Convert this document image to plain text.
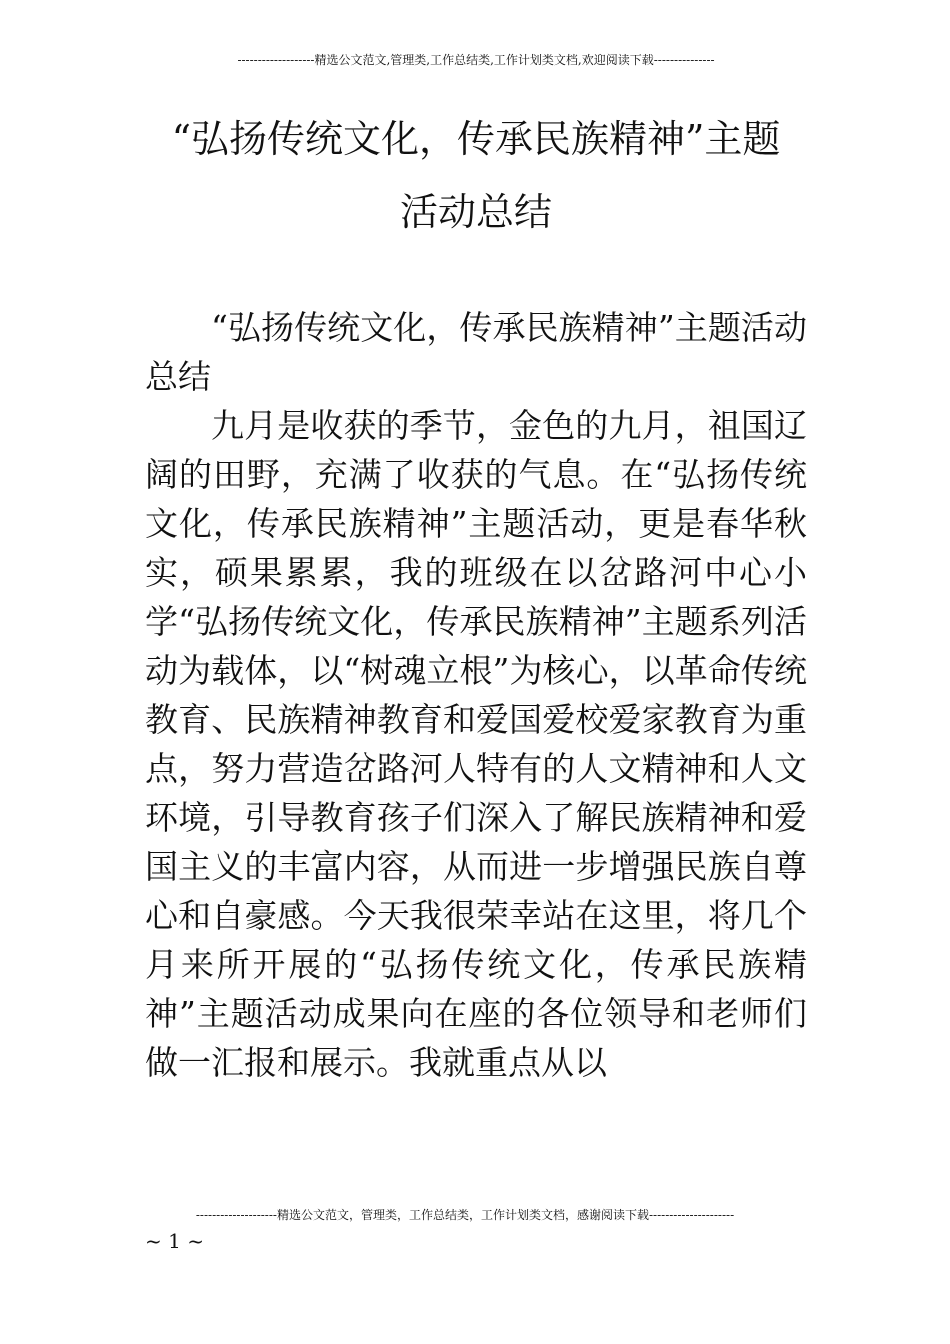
-------------------精选公文范文,管理类,工作总结类,工作计划类文档,欢迎阅读下载---------------
“弘扬传统文化，传承民族精神”主题
活动总结

“弘扬传统文化，传承民族精神”主题活动总结

九月是收获的季节，金色的九月，祖国辽阔的田野，充满了收获的气息。在“弘扬传统文化，传承民族精神”主题活动，更是春华秋实，硕果累累，我的班级在以岔路河中心小学“弘扬传统文化，传承民族精神”主题系列活动为载体，以“树魂立根”为核心，以革命传统教育、民族精神教育和爱国爱校爱家教育为重点，努力营造岔路河人特有的人文精神和人文环境，引导教育孩子们深入了解民族精神和爱国主义的丰富内容，从而进一步增强民族自尊心和自豪感。今天我很荣幸站在这里，将几个月来所开展的“弘扬传统文化，传承民族精神”主题活动成果向在座的各位领导和老师们做一汇报和展示。我就重点从以

--------------------精选公文范文，管理类，工作总结类，工作计划类文档，感谢阅读下载---------------------
~ 1 ~
